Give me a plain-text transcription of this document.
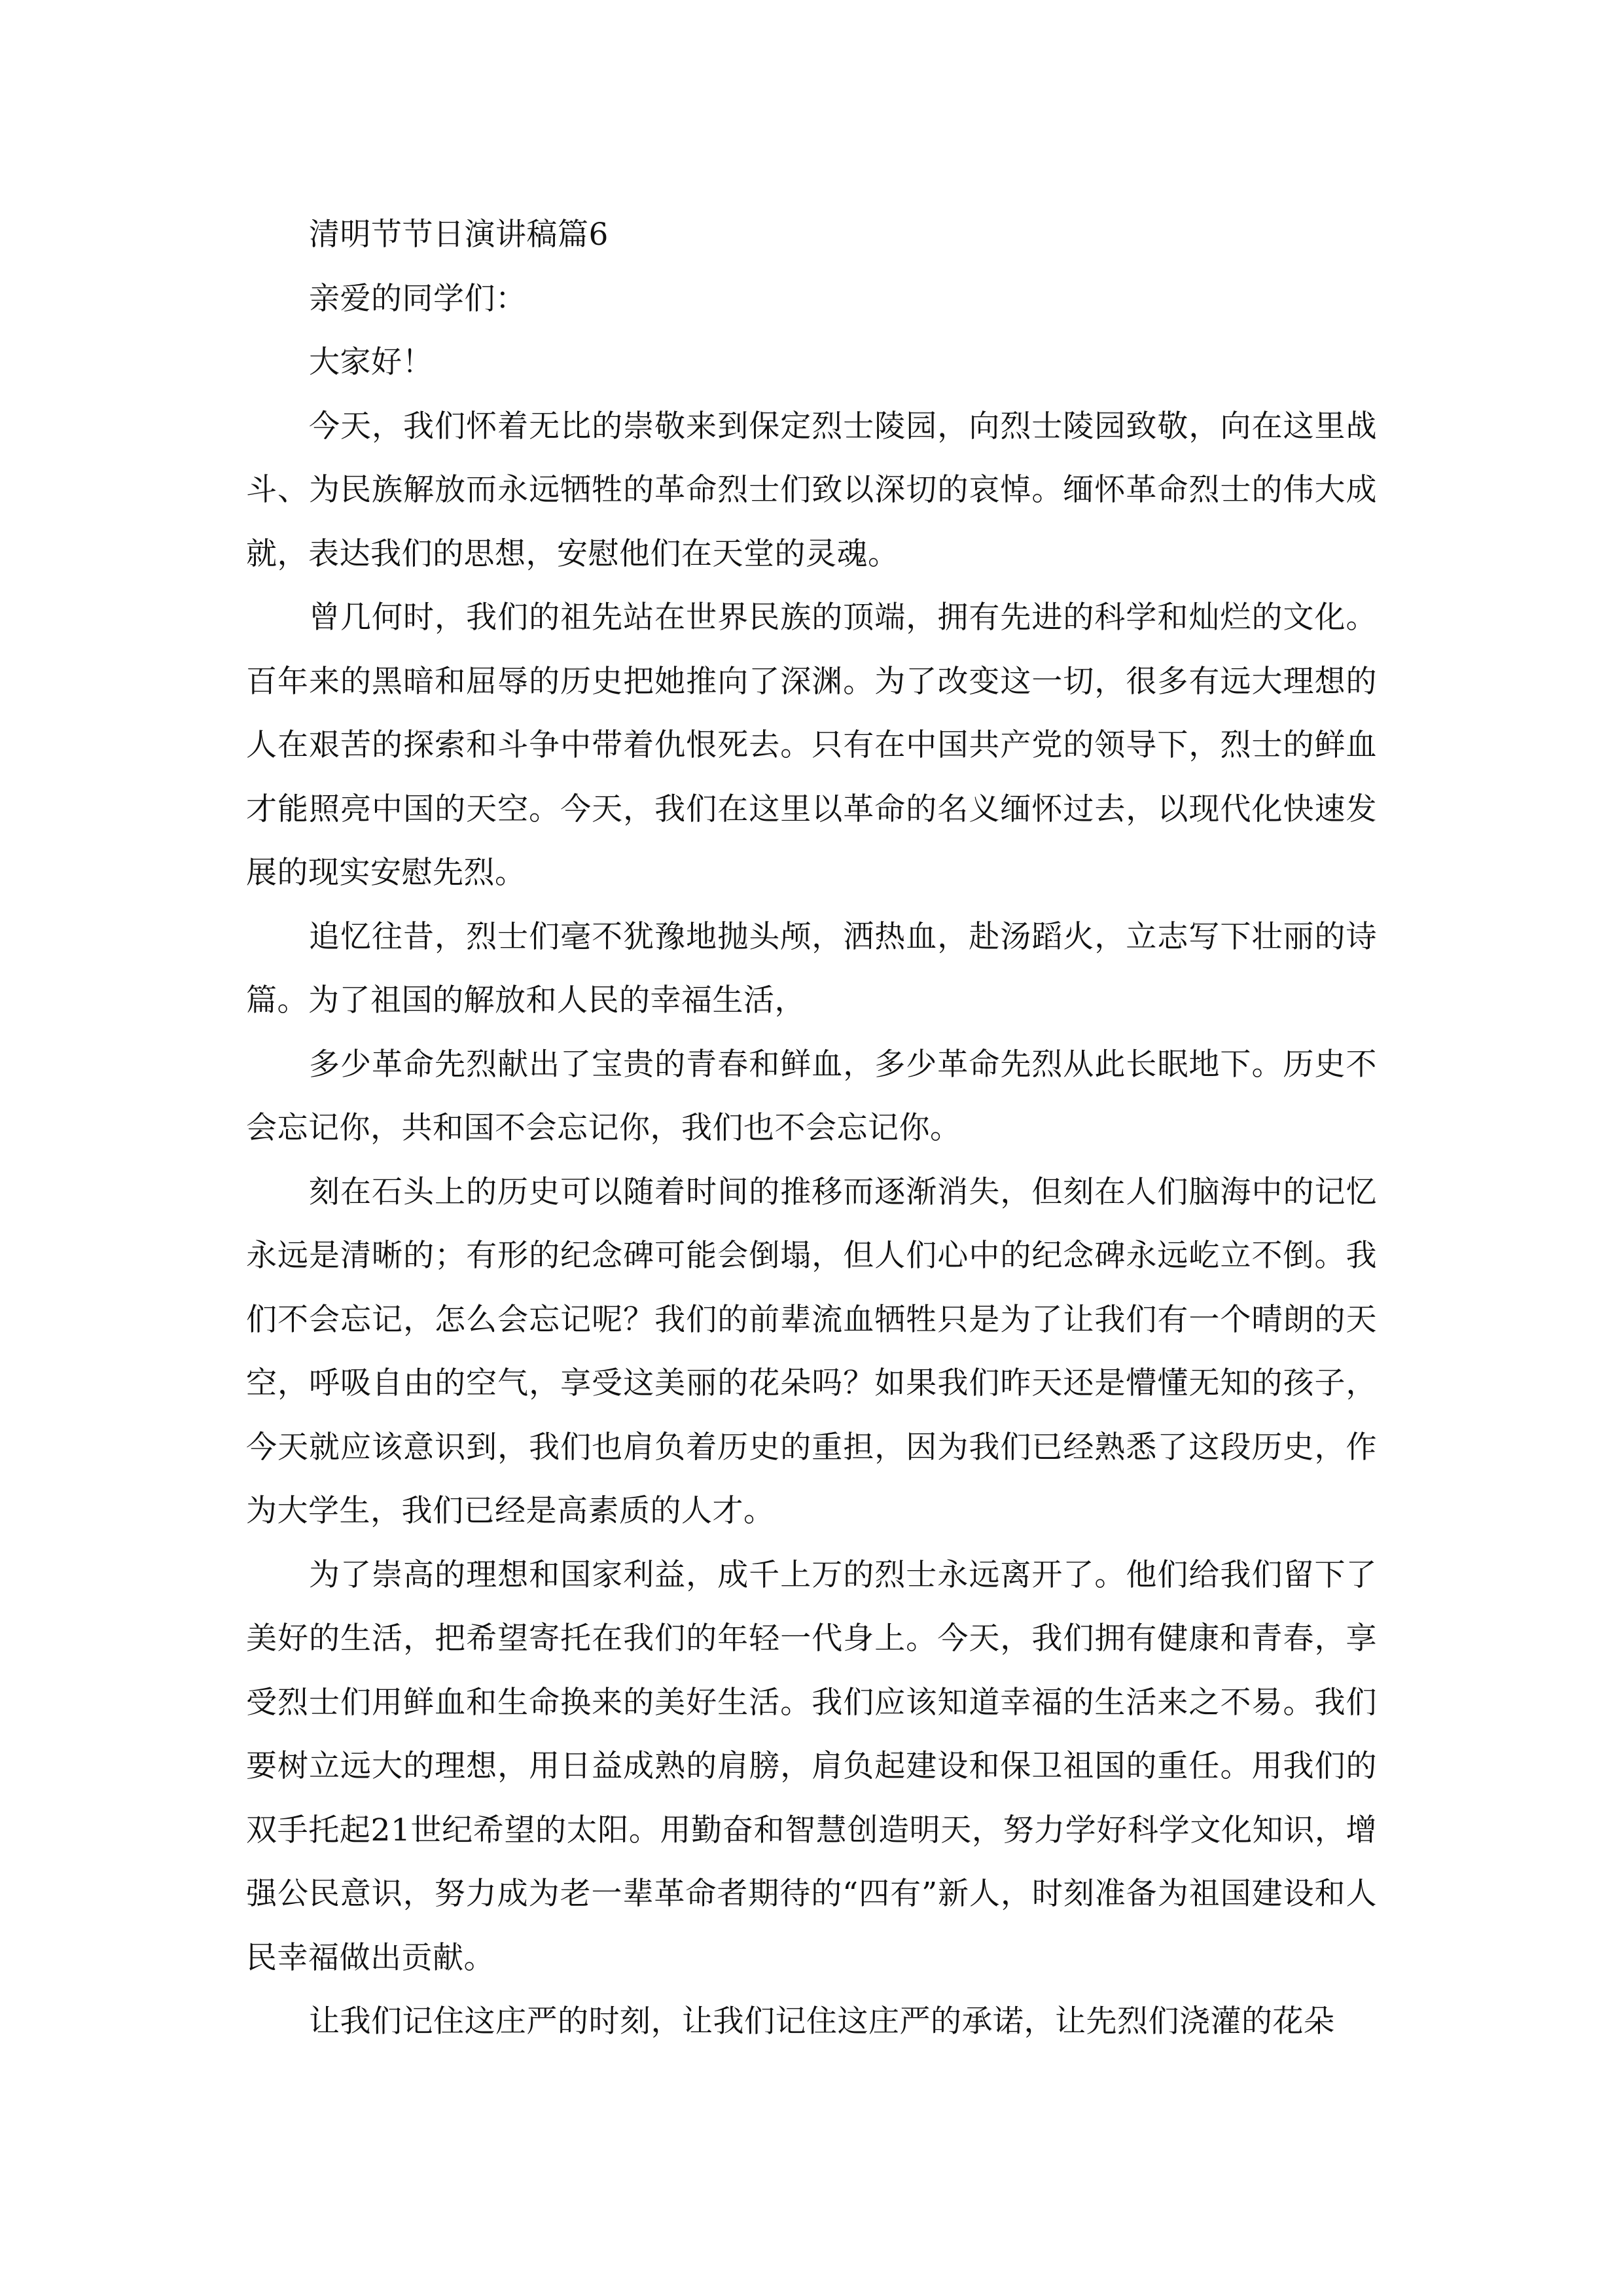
清明节节日演讲稿篇6

亲爱的同学们：

大家好！

今天，我们怀着无比的崇敬来到保定烈士陵园，向烈士陵园致敬，向在这里战斗、为民族解放而永远牺牲的革命烈士们致以深切的哀悼。缅怀革命烈士的伟大成就，表达我们的思想，安慰他们在天堂的灵魂。

曾几何时，我们的祖先站在世界民族的顶端，拥有先进的科学和灿烂的文化。百年来的黑暗和屈辱的历史把她推向了深渊。为了改变这一切，很多有远大理想的人在艰苦的探索和斗争中带着仇恨死去。只有在中国共产党的领导下，烈士的鲜血才能照亮中国的天空。今天，我们在这里以革命的名义缅怀过去，以现代化快速发展的现实安慰先烈。

追忆往昔，烈士们毫不犹豫地抛头颅，洒热血，赴汤蹈火，立志写下壮丽的诗篇。为了祖国的解放和人民的幸福生活，

多少革命先烈献出了宝贵的青春和鲜血，多少革命先烈从此长眠地下。历史不会忘记你，共和国不会忘记你，我们也不会忘记你。

刻在石头上的历史可以随着时间的推移而逐渐消失，但刻在人们脑海中的记忆永远是清晰的；有形的纪念碑可能会倒塌，但人们心中的纪念碑永远屹立不倒。我们不会忘记，怎么会忘记呢？我们的前辈流血牺牲只是为了让我们有一个晴朗的天空，呼吸自由的空气，享受这美丽的花朵吗？如果我们昨天还是懵懂无知的孩子，今天就应该意识到，我们也肩负着历史的重担，因为我们已经熟悉了这段历史，作为大学生，我们已经是高素质的人才。

为了崇高的理想和国家利益，成千上万的烈士永远离开了。他们给我们留下了美好的生活，把希望寄托在我们的年轻一代身上。今天，我们拥有健康和青春，享受烈士们用鲜血和生命换来的美好生活。我们应该知道幸福的生活来之不易。我们要树立远大的理想，用日益成熟的肩膀，肩负起建设和保卫祖国的重任。用我们的双手托起21世纪希望的太阳。用勤奋和智慧创造明天，努力学好科学文化知识，增强公民意识，努力成为老一辈革命者期待的“四有”新人，时刻准备为祖国建设和人民幸福做出贡献。

让我们记住这庄严的时刻，让我们记住这庄严的承诺，让先烈们浇灌的花朵
